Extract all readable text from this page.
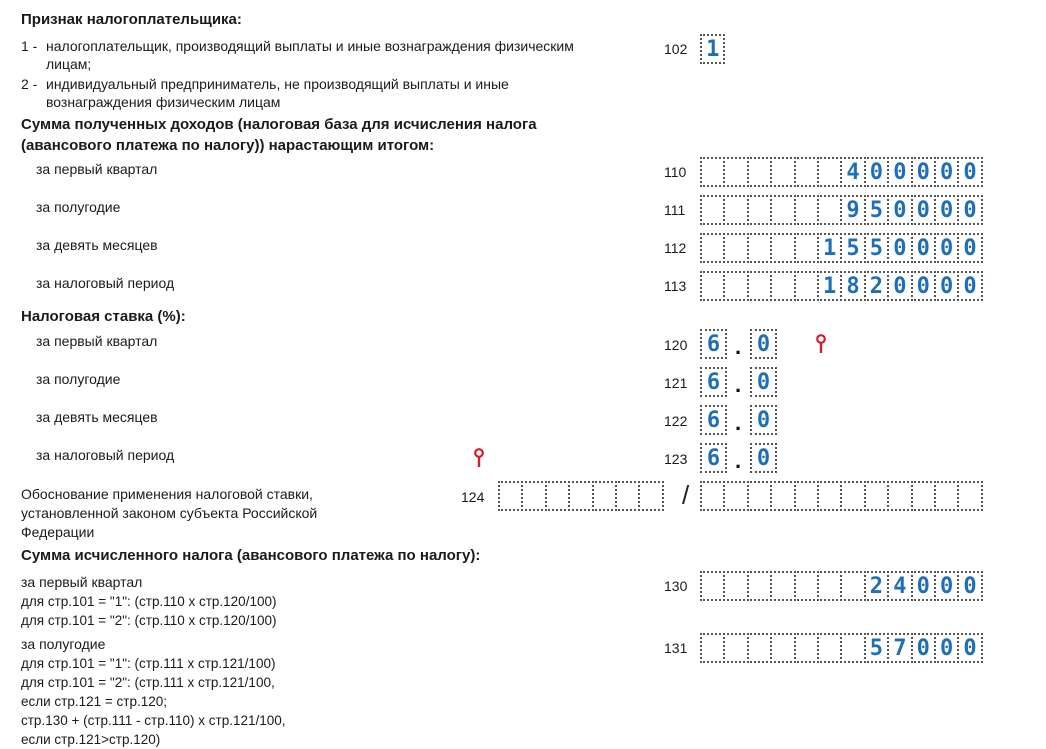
Признак налогоплательщика:
1 - налогоплательщик, производящий выплаты и иные вознаграждения физическим
лицам;
2 - индивидуальный предприниматель, не производящий выплаты и иные
вознаграждения физическим лицам
102 1
Сумма полученных доходов (налоговая база для исчисления налога
(авансового платежа по налогу)) нарастающим итогом:
за первый квартал	110	4 0 0 0 0 0
за полугодие	111	9 5 0 0 0 0
за девять месяцев	112	1 5 5 0 0 0 0
за налоговый период	113	1 8 2 0 0 0 0
Налоговая ставка (%):
за первый квартал	120 6 . 0
за полугодие	121 6 . 0
за девять месяцев	122 6 . 0
за налоговый период	123 6 . 0
Обоснование применения налоговой ставки,
установленной законом субъекта Российской
Федерации
124	/
Сумма исчисленного налога (авансового платежа по налогу):
за первый квартал
для стр.101 = "1": (стр.110 х стр.120/100)
для стр.101 = "2": (стр.110 х стр.120/100)
130	2 4 0 0 0
за полугодие
для стр.101 = "1": (стр.111 х стр.121/100)
для стр.101 = "2": (стр.111 х стр.121/100,
если стр.121 = стр.120;
стр.130 + (стр.111 - стр.110) х стр.121/100,
если стр.121>стр.120)
131	5 7 0 0 0
